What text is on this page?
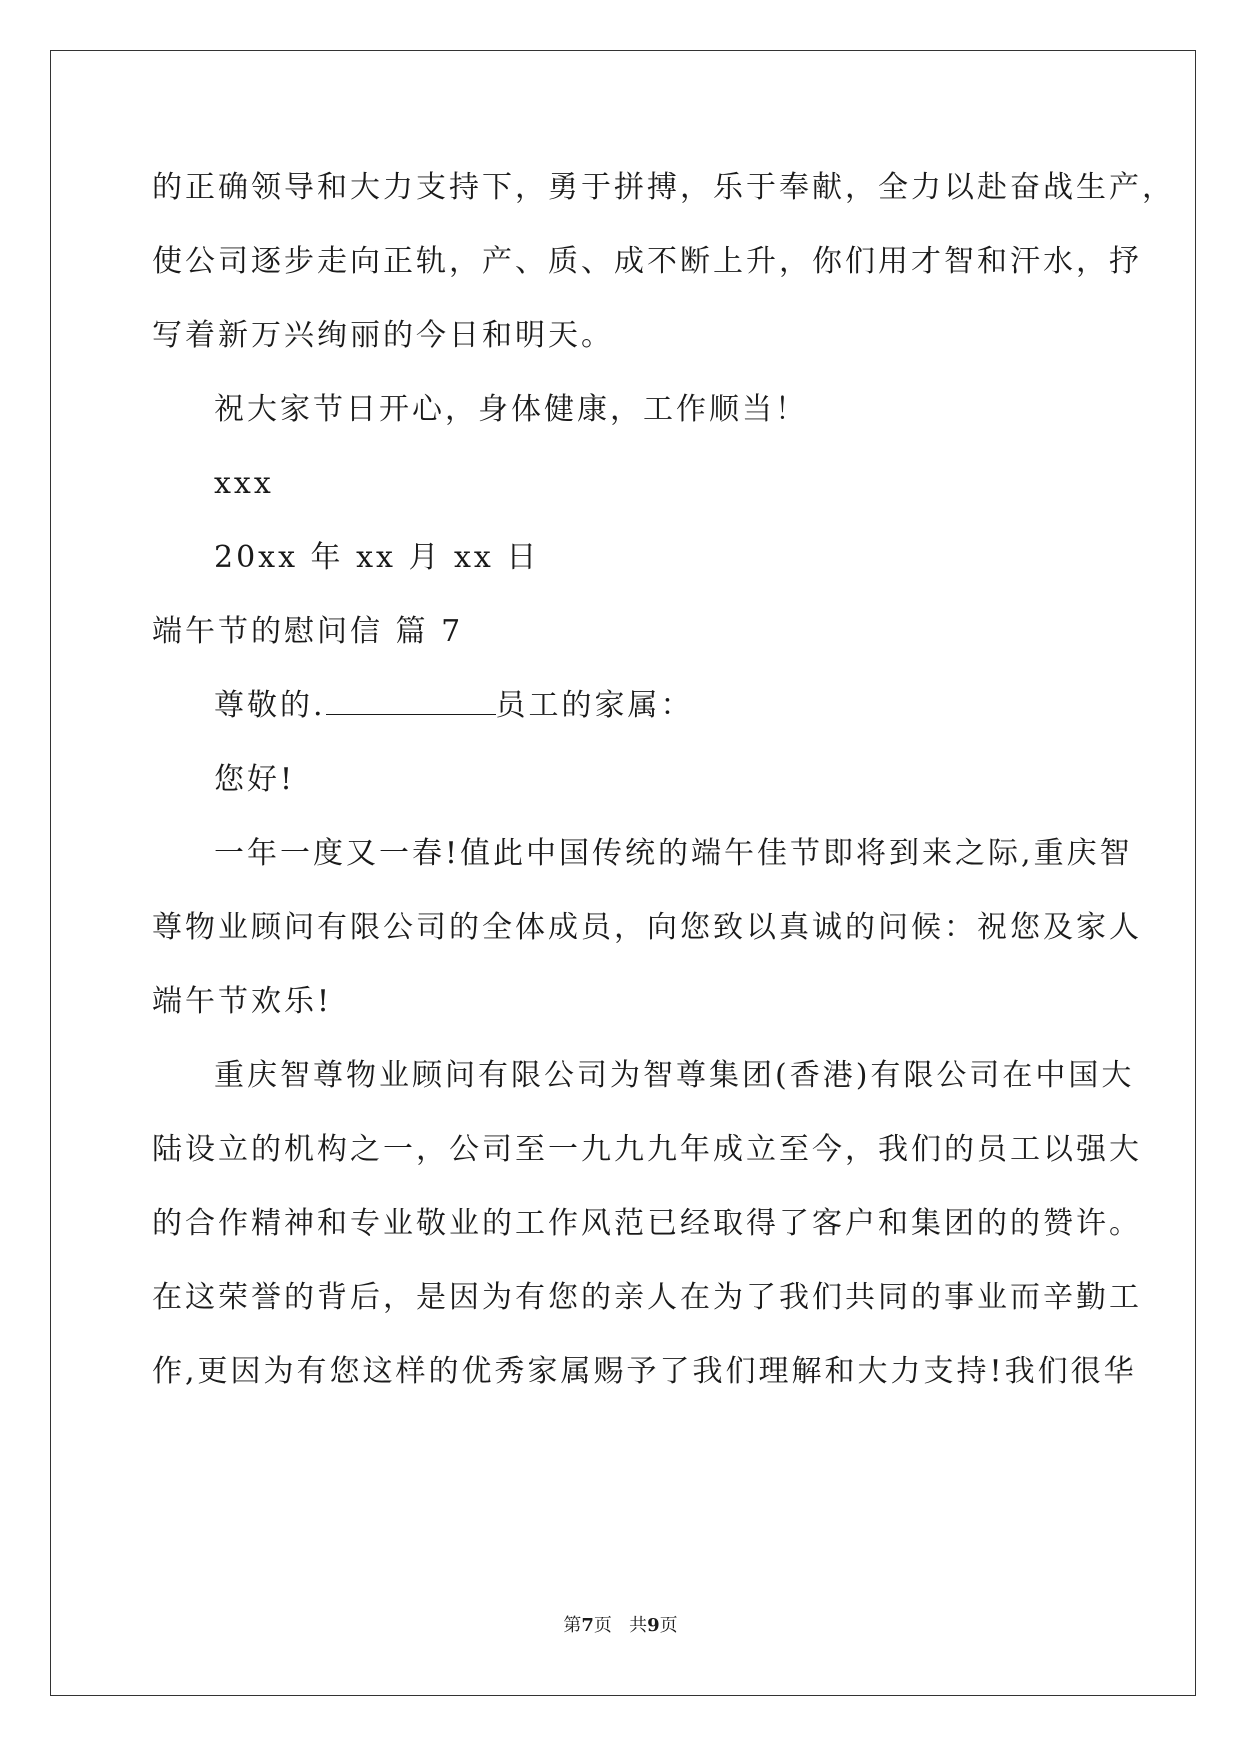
的正确领导和大力支持下，勇于拼搏，乐于奉献，全力以赴奋战生产，
使公司逐步走向正轨，产、质、成不断上升，你们用才智和汗水，抒
写着新万兴绚丽的今日和明天。
祝大家节日开心，身体健康，工作顺当！
xxx
20xx 年 xx 月 xx 日
端午节的慰问信 篇 7
尊敬的.	员工的家属：
您好!
一年一度又一春!值此中国传统的端午佳节即将到来之际,重庆智
尊物业顾问有限公司的全体成员，向您致以真诚的问候：祝您及家人
端午节欢乐!
重庆智尊物业顾问有限公司为智尊集团(香港)有限公司在中国大
陆设立的机构之一，公司至一九九九年成立至今，我们的员工以强大
的合作精神和专业敬业的工作风范已经取得了客户和集团的的赞许。
在这荣誉的背后，是因为有您的亲人在为了我们共同的事业而辛勤工
作,更因为有您这样的优秀家属赐予了我们理解和大力支持!我们很华
第7页 共9页
